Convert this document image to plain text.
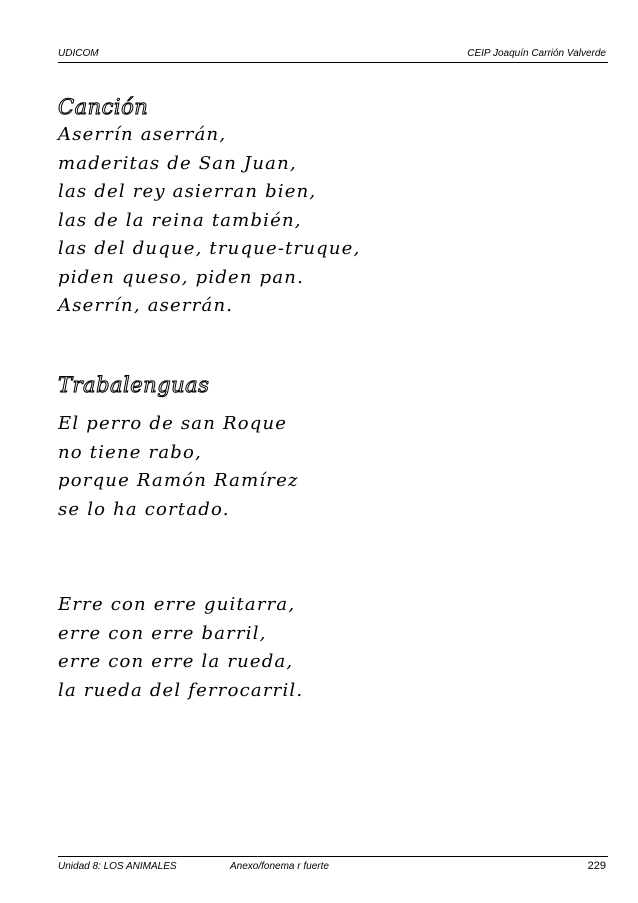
UDICOM	CEIP Joaquín Carrión Valverde
Canción
Aserrín aserrán,
maderitas de San Juan,
las del rey asierran bien,
las de la reina también,
las del duque, truque-truque,
piden queso, piden pan.
Aserrín, aserrán.
Trabalenguas
El perro de san Roque
no tiene rabo,
porque Ramón Ramírez
se lo ha cortado.
Erre con erre guitarra,
erre con erre barril,
erre con erre la rueda,
la rueda del ferrocarril.
Unidad 8: LOS ANIMALES	Anexo/fonema r fuerte	229
